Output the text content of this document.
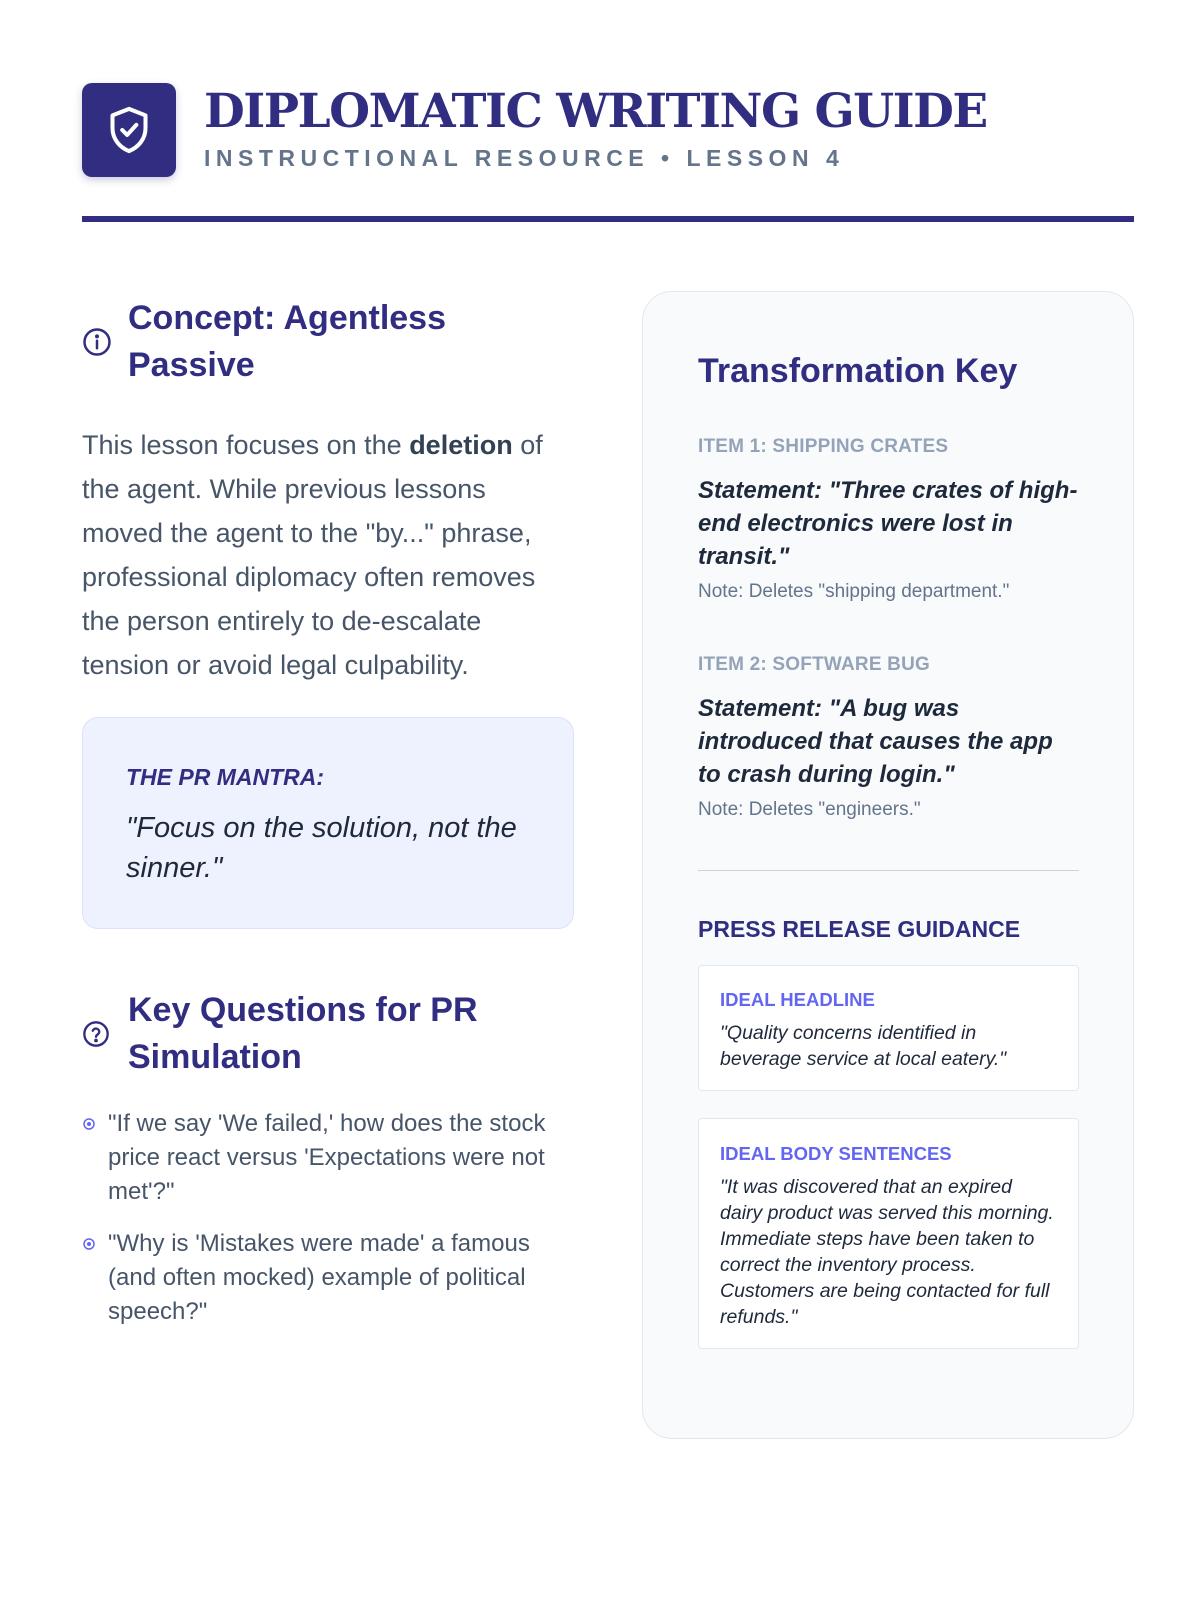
DIPLOMATIC WRITING GUIDE
INSTRUCTIONAL RESOURCE • LESSON 4
Concept: Agentless Passive

This lesson focuses on the deletion of the agent. While previous lessons moved the agent to the "by..." phrase, professional diplomacy often removes the person entirely to de-escalate tension or avoid legal culpability.

THE PR MANTRA:
"Focus on the solution, not the sinner."
Key Questions for PR Simulation
"If we say 'We failed,' how does the stock price react versus 'Expectations were not met'?"
"Why is 'Mistakes were made' a famous (and often mocked) example of political speech?"
Transformation Key
ITEM 1: SHIPPING CRATES
Statement: "Three crates of high-end electronics were lost in transit."
Note: Deletes "shipping department."
ITEM 2: SOFTWARE BUG
Statement: "A bug was introduced that causes the app to crash during login."
Note: Deletes "engineers."
PRESS RELEASE GUIDANCE
IDEAL HEADLINE
"Quality concerns identified in beverage service at local eatery."
IDEAL BODY SENTENCES
"It was discovered that an expired dairy product was served this morning. Immediate steps have been taken to correct the inventory process. Customers are being contacted for full refunds."
